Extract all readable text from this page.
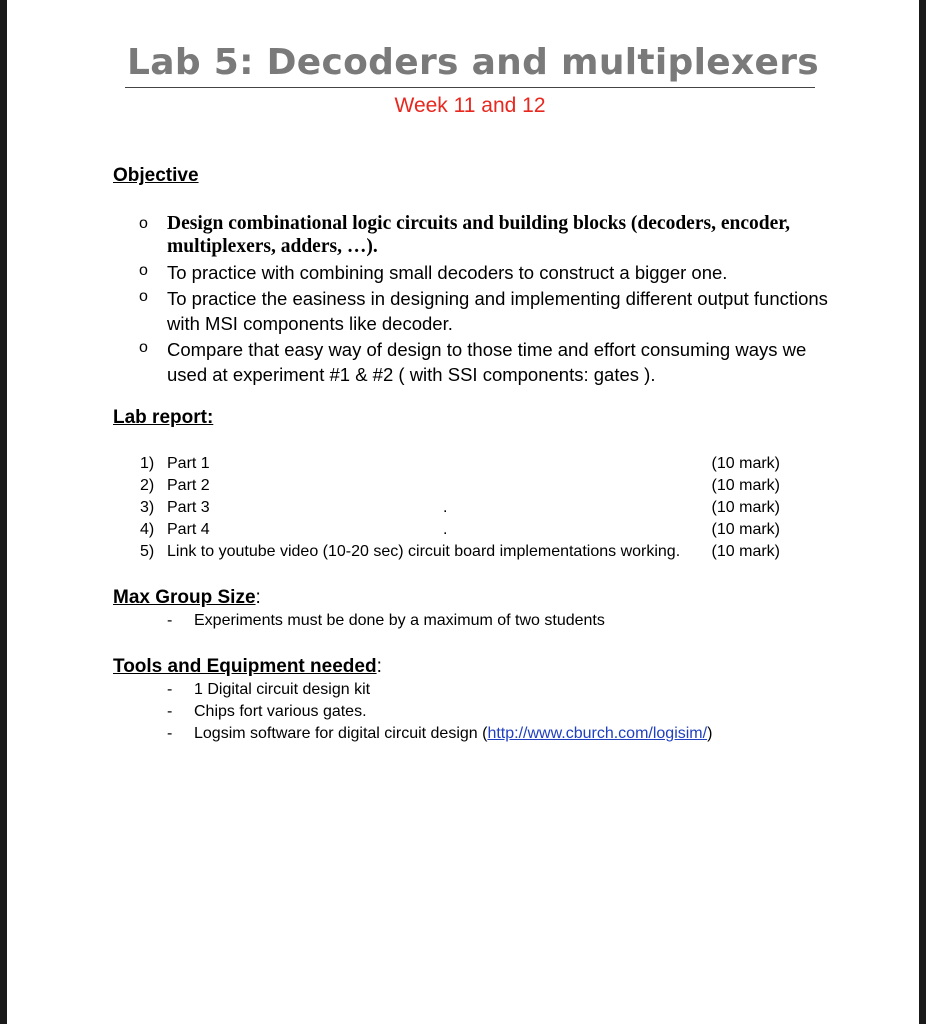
Lab 5: Decoders and multiplexers
Week 11 and 12
Objective
o Design combinational logic circuits and building blocks (decoders, encoder, multiplexers, adders, …).
o To practice with combining small decoders to construct a bigger one.
o To practice the easiness in designing and implementing different output functions with MSI components like decoder.
o Compare that easy way of design to those time and effort consuming ways we used at experiment #1 & #2 ( with SSI components: gates ).
Lab report:
1) Part 1	(10 mark)
2) Part 2	(10 mark)
3) Part 3	.	(10 mark)
4) Part 4	.	(10 mark)
5) Link to youtube video (10-20 sec) circuit board implementations working. (10 mark)
Max Group Size:
- Experiments must be done by a maximum of two students
Tools and Equipment needed:
- 1 Digital circuit design kit
- Chips fort various gates.
- Logsim software for digital circuit design (http://www.cburch.com/logisim/)
